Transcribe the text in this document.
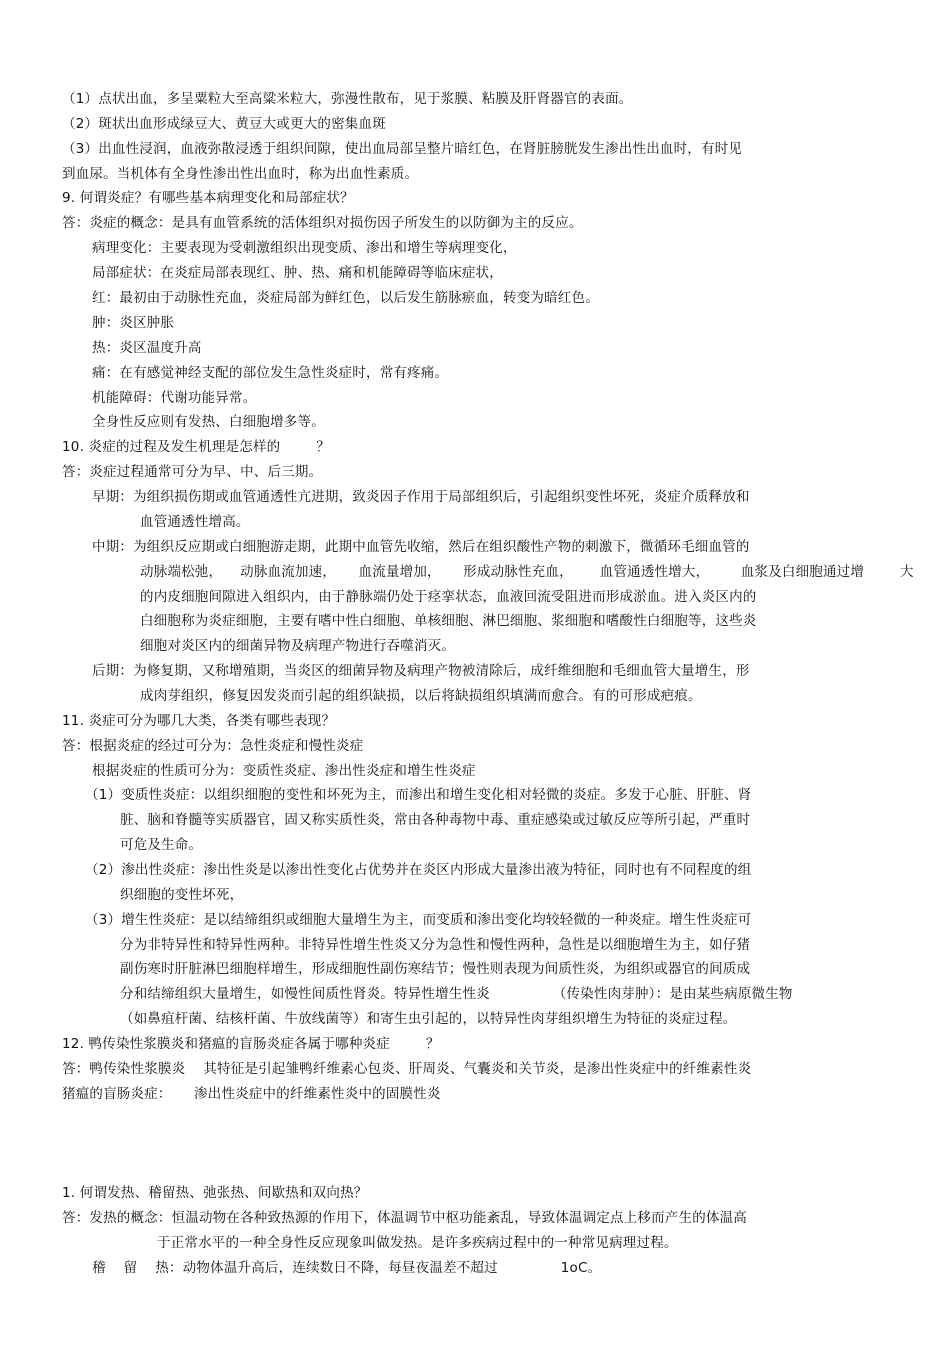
（1）点状出血，多呈粟粒大至高粱米粒大，弥漫性散布，见于浆膜、粘膜及肝肾器官的表面。
（2）斑状出血形成绿豆大、黄豆大或更大的密集血斑
（3）出血性浸润，血液弥散浸透于组织间隙，使出血局部呈整片暗红色，在肾脏膀胱发生渗出性出血时，有时见
到血尿。当机体有全身性渗出性出血时，称为出血性素质。
9. 何谓炎症？有哪些基本病理变化和局部症状？
答：炎症的概念：是具有血管系统的活体组织对损伤因子所发生的以防御为主的反应。
病理变化：主要表现为受刺激组织出现变质、渗出和增生等病理变化，
局部症状：在炎症局部表现红、肿、热、痛和机能障碍等临床症状，
红：最初由于动脉性充血，炎症局部为鲜红色，以后发生筋脉瘀血，转变为暗红色。
肿：炎区肿胀
热：炎区温度升高
痛：在有感觉神经支配的部位发生急性炎症时，常有疼痛。
机能障碍：代谢功能异常。
全身性反应则有发热、白细胞增多等。
10. 炎症的过程及发生机理是怎样的        ？
答：炎症过程通常可分为早、中、后三期。
早期：为组织损伤期或血管通透性亢进期，致炎因子作用于局部组织后，引起组织变性坏死，炎症介质释放和
血管通透性增高。
中期：为组织反应期或白细胞游走期，此期中血管先收缩，然后在组织酸性产物的刺激下，微循环毛细血管的
动脉端松弛，    动脉血流加速，     血流量增加，     形成动脉性充血，      血管通透性增大，       血浆及白细胞通过增        大
的内皮细胞间隙进入组织内，由于静脉端仍处于痉挛状态，血液回流受阻进而形成淤血。进入炎区内的
白细胞称为炎症细胞，主要有嗜中性白细胞、单核细胞、淋巴细胞、浆细胞和嗜酸性白细胞等，这些炎
细胞对炎区内的细菌异物及病理产物进行吞噬消灭。
后期：为修复期，又称增殖期，当炎区的细菌异物及病理产物被清除后，成纤维细胞和毛细血管大量增生，形
成肉芽组织，修复因发炎而引起的组织缺损，以后将缺损组织填满而愈合。有的可形成疤痕。
11. 炎症可分为哪几大类，各类有哪些表现？
答：根据炎症的经过可分为：急性炎症和慢性炎症
根据炎症的性质可分为：变质性炎症、渗出性炎症和增生性炎症
（1）变质性炎症：以组织细胞的变性和坏死为主，而渗出和增生变化相对轻微的炎症。多发于心脏、肝脏、肾
脏、脑和脊髓等实质器官，固又称实质性炎，常由各种毒物中毒、重症感染或过敏反应等所引起，严重时
可危及生命。
（2）渗出性炎症：渗出性炎是以渗出性变化占优势并在炎区内形成大量渗出液为特征，同时也有不同程度的组
织细胞的变性坏死，
（3）增生性炎症：是以结缔组织或细胞大量增生为主，而变质和渗出变化均较轻微的一种炎症。增生性炎症可
分为非特异性和特异性两种。非特异性增生性炎又分为急性和慢性两种，急性是以细胞增生为主，如仔猪
副伤寒时肝脏淋巴细胞样增生，形成细胞性副伤寒结节；慢性则表现为间质性炎，为组织或器官的间质成
分和结缔组织大量增生，如慢性间质性肾炎。特异性增生性炎              （传染性肉芽肿）：是由某些病原微生物
（如鼻疽杆菌、结核杆菌、牛放线菌等）和寄生虫引起的，以特异性肉芽组织增生为特征的炎症过程。
12. 鸭传染性浆膜炎和猪瘟的盲肠炎症各属于哪种炎症        ？
答：鸭传染性浆膜炎    其特征是引起雏鸭纤维素心包炎、肝周炎、气囊炎和关节炎，是渗出性炎症中的纤维素性炎
猪瘟的盲肠炎症：     渗出性炎症中的纤维素性炎中的固膜性炎
1. 何谓发热、稽留热、弛张热、间歇热和双向热？
答：发热的概念：恒温动物在各种致热源的作用下，体温调节中枢功能紊乱，导致体温调定点上移而产生的体温高
于正常水平的一种全身性反应现象叫做发热。是许多疾病过程中的一种常见病理过程。
稽    留    热：动物体温升高后，连续数日不降，每昼夜温差不超过              1oC。
